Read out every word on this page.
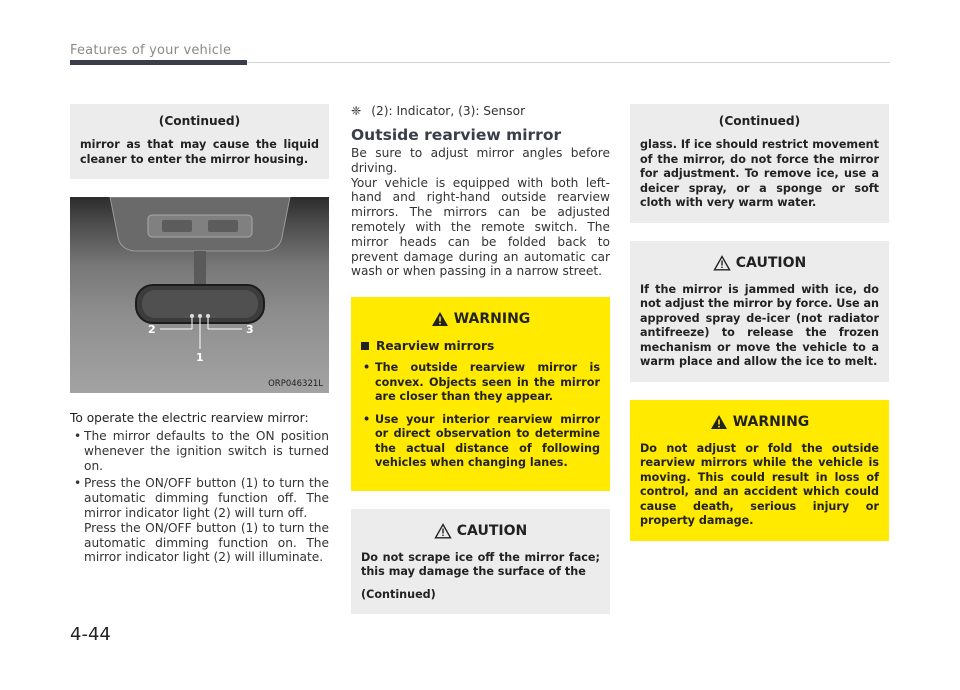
Features of your vehicle
(Continued)
mirror as that may cause the liquid cleaner to enter the mirror housing.
1
2	3
ORP046321L
To operate the electric rearview mirror:
• The mirror defaults to the ON position whenever the ignition switch is turned on.
• Press the ON/OFF button (1) to turn the automatic dimming function off. The mirror indicator light (2) will turn off.
Press the ON/OFF button (1) to turn the automatic dimming function on. The mirror indicator light (2) will illuminate.
❈ (2): Indicator, (3): Sensor
Outside rearview mirror
Be sure to adjust mirror angles before driving.
Your vehicle is equipped with both left-hand and right-hand outside rearview mirrors. The mirrors can be adjusted remotely with the remote switch. The mirror heads can be folded back to prevent damage during an automatic car wash or when passing in a narrow street.
WARNING
Rearview mirrors
• The outside rearview mirror is convex. Objects seen in the mirror are closer than they appear.
• Use your interior rearview mirror or direct observation to determine the actual distance of following vehicles when changing lanes.
CAUTION
Do not scrape ice off the mirror face; this may damage the surface of the
(Continued)
(Continued)
glass. If ice should restrict movement of the mirror, do not force the mirror for adjustment. To remove ice, use a deicer spray, or a sponge or soft cloth with very warm water.
CAUTION
If the mirror is jammed with ice, do not adjust the mirror by force. Use an approved spray de-icer (not radiator antifreeze) to release the frozen mechanism or move the vehicle to a warm place and allow the ice to melt.
WARNING
Do not adjust or fold the outside rearview mirrors while the vehicle is moving. This could result in loss of control, and an accident which could cause death, serious injury or property damage.
4-44
